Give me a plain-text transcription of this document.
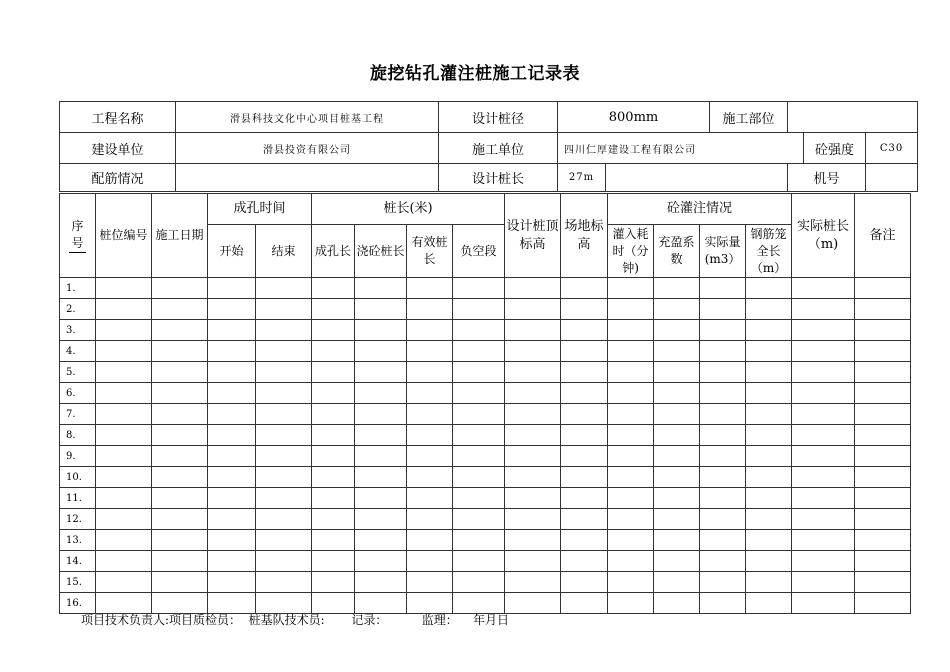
旋挖钻孔灌注桩施工记录表
工程名称	滑县科技文化中心项目桩基工程	设计桩径	800mm		施工部位			
建设单位	滑县投资有限公司	施工单位	四川仁厚建设工程有限公司				砼强度	C30
配筋情况		设计桩长	27m			机号		
序
号	桩位编号	施工日期	成孔时间		桩长(米)				设计桩顶标高	场地标高	砼灌注情况				实际桩长（m)	备注
			开始	结束	成孔长	浇砼桩长	有效桩长	负空段			灌入耗时（分钟)	充盈系数	实际量(m3）	钢筋笼全长（m）		
1.																
2.																
3.																
4.																
5.																
6.																
7.																
8.																
9.																
10.																
11.																
12.																
13.																
14.																
15.																
16.																
项目技术负责人:项目质检员：  桩基队技术员:       记录：         监理：    年月日
